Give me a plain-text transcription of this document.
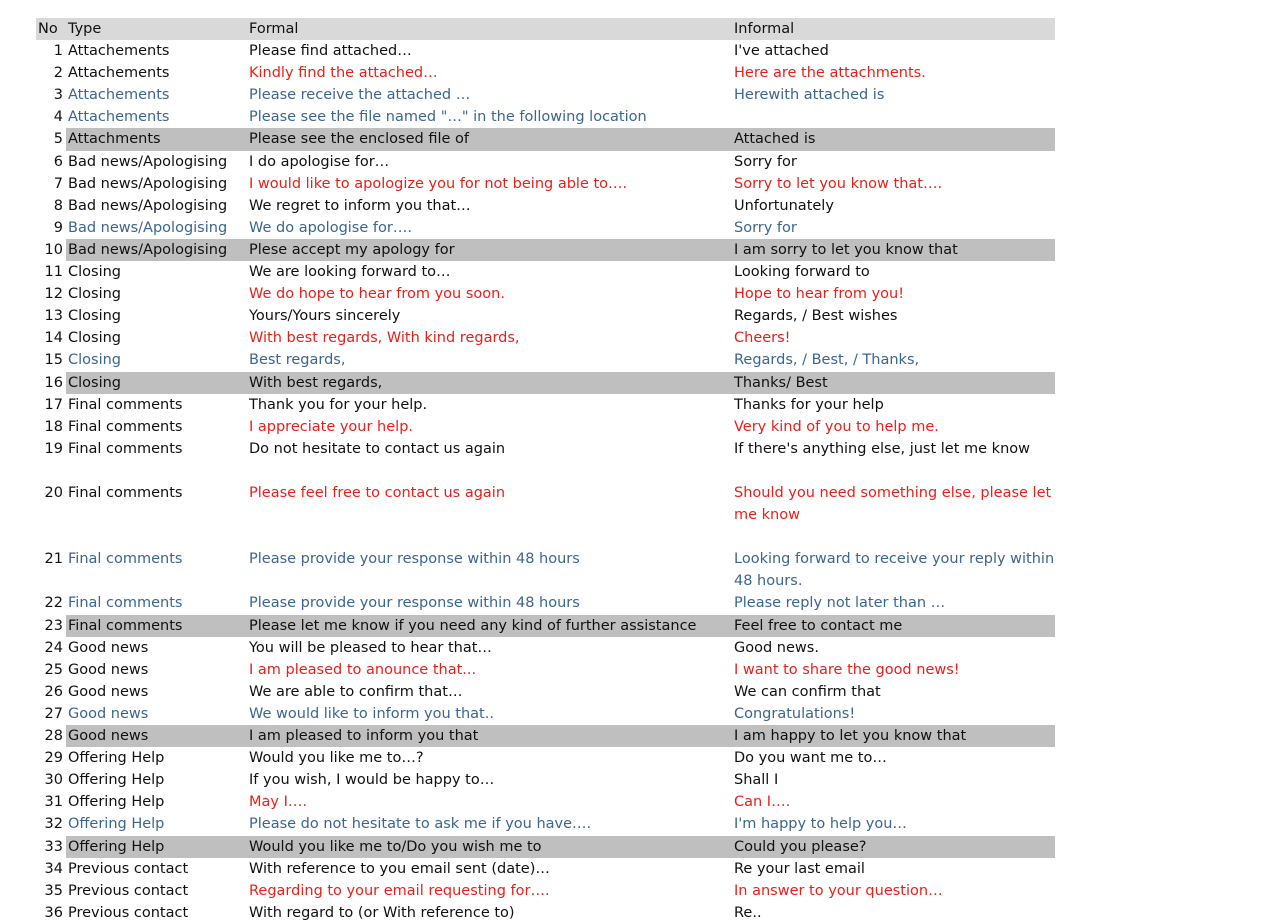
No Type	Formal	Informal
1 Attachements	Please find attached…	I've attached
2 Attachements	Kindly find the attached…	Here are the attachments.
3 Attachements	Please receive the attached …	Herewith attached is
4 Attachements	Please see the file named "…" in the following location
5 Attachments	Please see the enclosed file of	Attached is
6 Bad news/Apologising	I do apologise for…	Sorry for
7 Bad news/Apologising	I would like to apologize you for not being able to….	Sorry to let you know that….
8 Bad news/Apologising	We regret to inform you that…	Unfortunately
9 Bad news/Apologising	We do apologise for….	Sorry for
10 Bad news/Apologising	Plese accept my apology for	I am sorry to let you know that
11 Closing	We are looking forward to…	Looking forward to
12 Closing	We do hope to hear from you soon.	Hope to hear from you!
13 Closing	Yours/Yours sincerely	Regards, / Best wishes
14 Closing	With best regards, With kind regards,	Cheers!
15 Closing	Best regards,	Regards, / Best, / Thanks,
16 Closing	With best regards,	Thanks/ Best
17 Final comments	Thank you for your help.	Thanks for your help
18 Final comments	I appreciate your help.	Very kind of you to help me.
19 Final comments	Do not hesitate to contact us again	If there's anything else, just let me know
20 Final comments	Please feel free to contact us again	Should you need something else, please let me know
21 Final comments	Please provide your response within 48 hours	Looking forward to receive your reply within 48 hours.
22 Final comments	Please provide your response within 48 hours	Please reply not later than …
23 Final comments	Please let me know if you need any kind of further assistance	Feel free to contact me
24 Good news	You will be pleased to hear that…	Good news.
25 Good news	I am pleased to anounce that...	I want to share the good news!
26 Good news	We are able to confirm that…	We can confirm that
27 Good news	We would like to inform you that..	Congratulations!
28 Good news	I am pleased to inform you that	I am happy to let you know that
29 Offering Help	Would you like me to…?	Do you want me to…
30 Offering Help	If you wish, I would be happy to…	Shall I
31 Offering Help	May I….	Can I….
32 Offering Help	Please do not hesitate to ask me if you have….	I'm happy to help you…
33 Offering Help	Would you like me to/Do you wish me to	Could you please?
34 Previous contact	With reference to you email sent (date)…	Re your last email
35 Previous contact	Regarding to your email requesting for….	In answer to your question…
36 Previous contact	With regard to (or With reference to)	Re..
